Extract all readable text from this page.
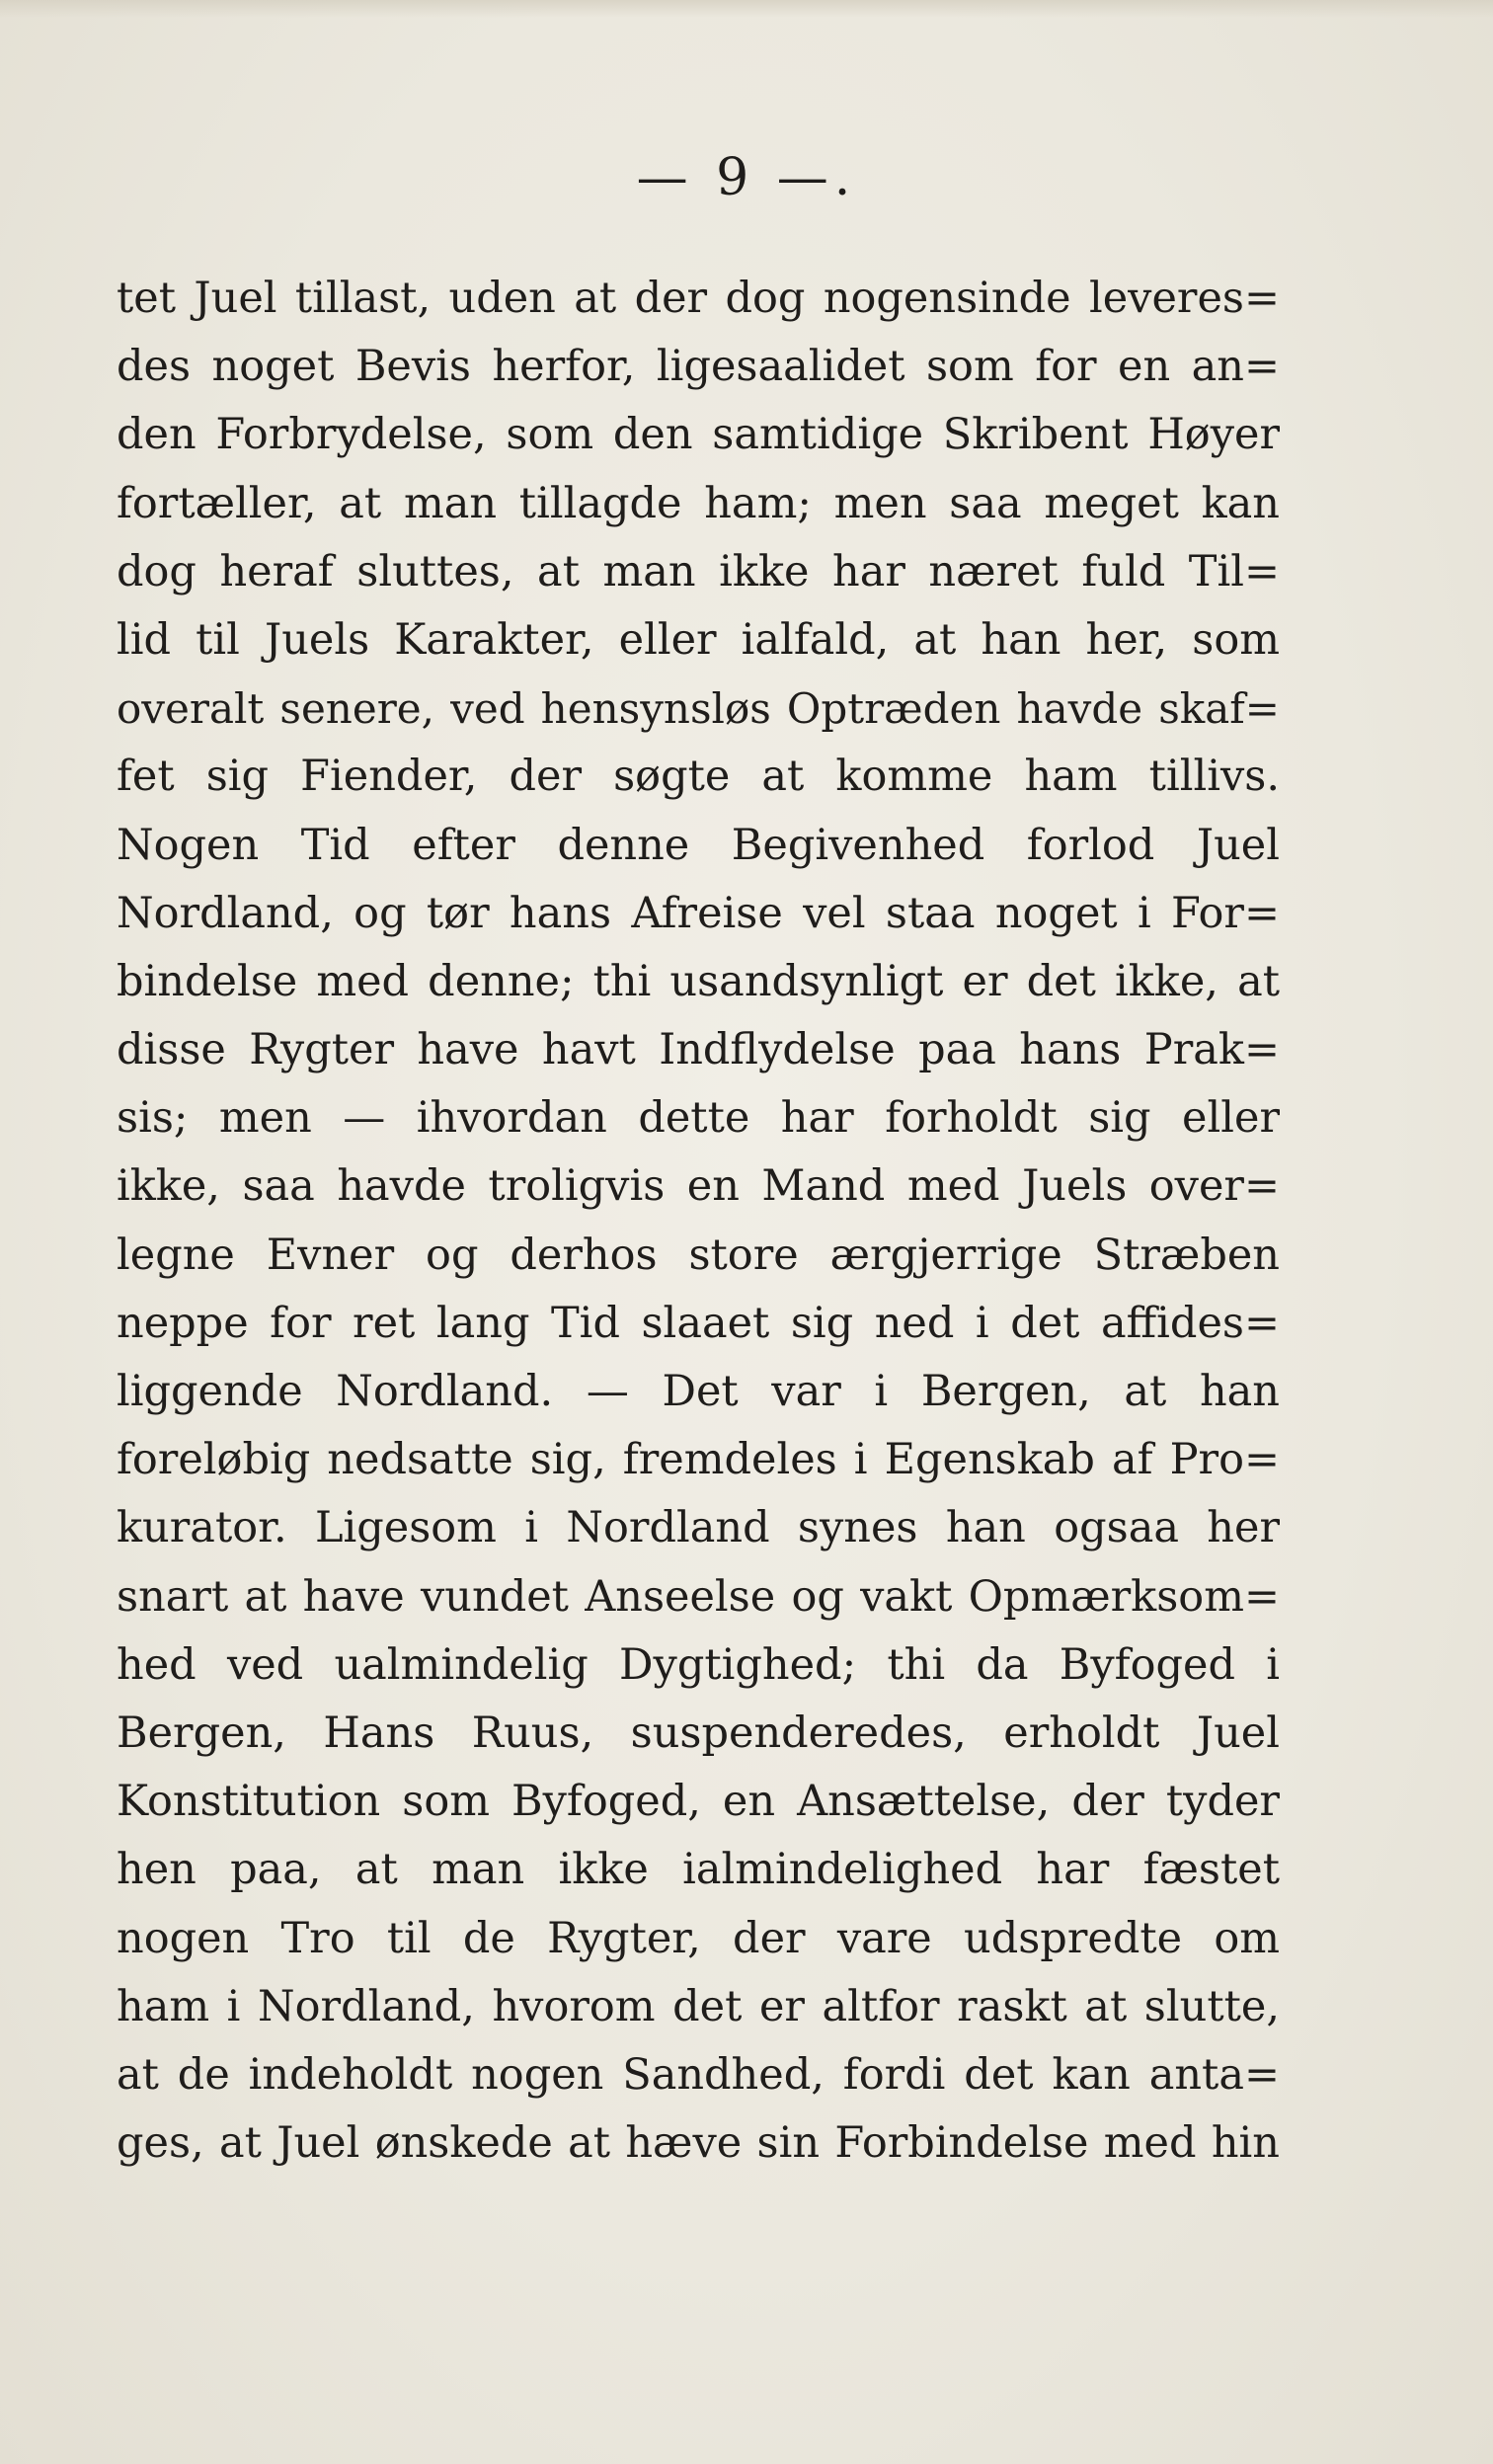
— 9 —.
tet Juel tillast, uden at der dog nogensinde leveres=
des noget Bevis herfor, ligesaalidet som for en an=
den Forbrydelse, som den samtidige Skribent Høyer
fortæller, at man tillagde ham; men saa meget kan
dog heraf sluttes, at man ikke har næret fuld Til=
lid til Juels Karakter, eller ialfald, at han her, som
overalt senere, ved hensynsløs Optræden havde skaf=
fet sig Fiender, der søgte at komme ham tillivs.
Nogen Tid efter denne Begivenhed forlod Juel
Nordland, og tør hans Afreise vel staa noget i For=
bindelse med denne; thi usandsynligt er det ikke, at
disse Rygter have havt Indflydelse paa hans Prak=
sis; men — ihvordan dette har forholdt sig eller
ikke, saa havde troligvis en Mand med Juels over=
legne Evner og derhos store ærgjerrige Stræben
neppe for ret lang Tid slaaet sig ned i det affides=
liggende Nordland. — Det var i Bergen, at han
foreløbig nedsatte sig, fremdeles i Egenskab af Pro=
kurator. Ligesom i Nordland synes han ogsaa her
snart at have vundet Anseelse og vakt Opmærksom=
hed ved ualmindelig Dygtighed; thi da Byfoged i
Bergen, Hans Ruus, suspenderedes, erholdt Juel
Konstitution som Byfoged, en Ansættelse, der tyder
hen paa, at man ikke ialmindelighed har fæstet
nogen Tro til de Rygter, der vare udspredte om
ham i Nordland, hvorom det er altfor raskt at slutte,
at de indeholdt nogen Sandhed, fordi det kan anta=
ges, at Juel ønskede at hæve sin Forbindelse med hin
